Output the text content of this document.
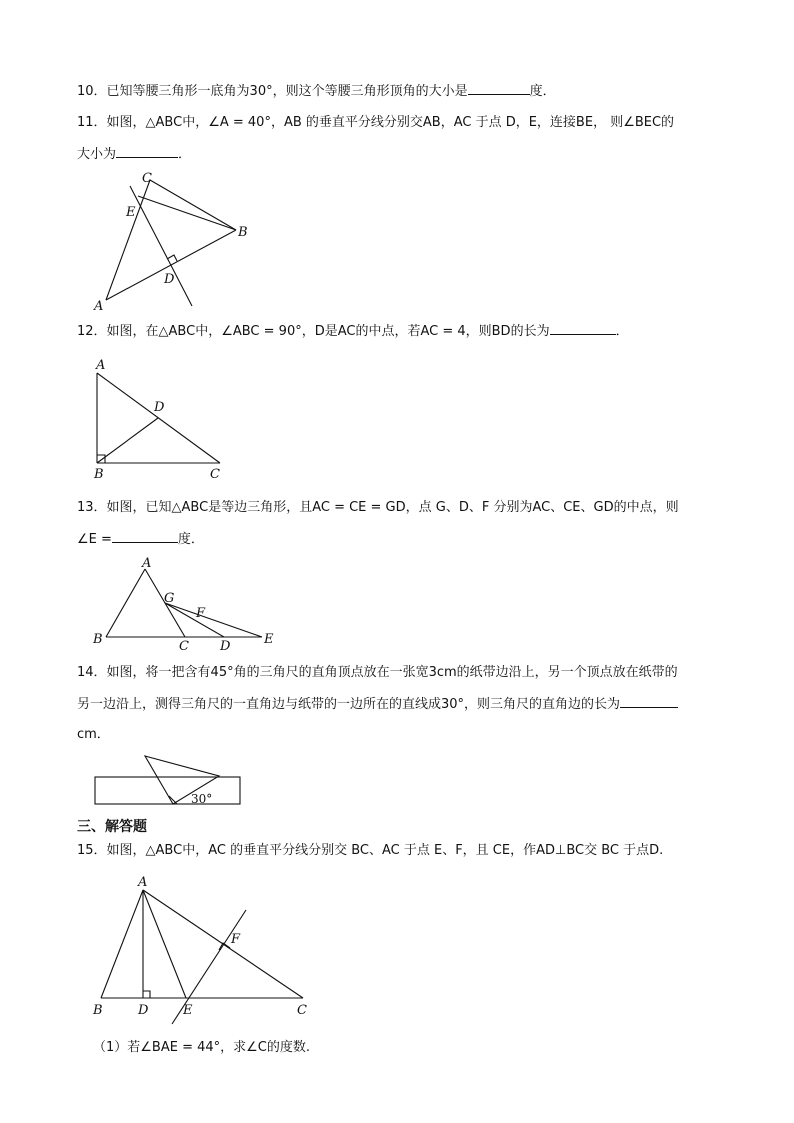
10．已知等腰三角形一底角为30°，则这个等腰三角形顶角的大小是	度．
11．如图，△ABC中，∠A = 40°，AB 的垂直平分线分别交AB，AC 于点 D，E，连接BE， 则∠BEC的
大小为	．
C
E
B
D
A
12．如图，在△ABC中，∠ABC = 90°，D是AC的中点，若AC = 4，则BD的长为	．
A
D
B	C
13．如图，已知△ABC是等边三角形，且AC = CE = GD，点 G、D、F 分别为AC、CE、GD的中点，则
∠E =	度．
A
G
F
B	C D	E
14．如图，将一把含有45°角的三角尺的直角顶点放在一张宽3cm的纸带边沿上，另一个顶点放在纸带的
另一边沿上，测得三角尺的一直角边与纸带的一边所在的直线成30°，则三角尺的直角边的长为
cm．
30°
三、解答题
15．如图，△ABC中，AC 的垂直平分线分别交 BC、AC 于点 E、F，且 CE，作AD⊥BC交 BC 于点D.
A
F
B	D	E	C
（1）若∠BAE = 44°，求∠C的度数.
